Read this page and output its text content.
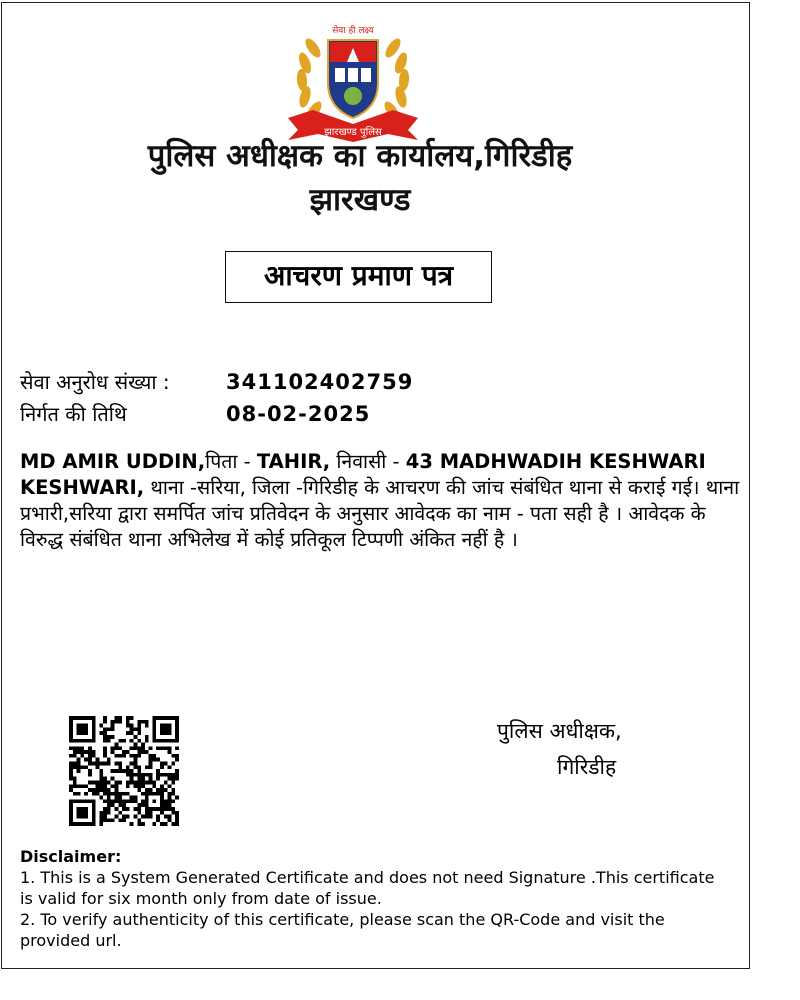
सेवा ही लक्ष्य
झारखण्ड पुलिस
पुलिस अधीक्षक का कार्यालय,गिरिडीह
झारखण्ड
आचरण प्रमाण पत्र
सेवा अनुरोध संख्या :	341102402759
निर्गत की तिथि	08-02-2025
MD AMIR UDDIN,पिता - TAHIR, निवासी - 43 MADHWADIH KESHWARI KESHWARI, थाना -सरिया, जिला -गिरिडीह के आचरण की जांच संबंधित थाना से कराई गई। थाना प्रभारी,सरिया द्वारा समर्पित जांच प्रतिवेदन के अनुसार आवेदक का नाम - पता सही है । आवेदक के विरुद्ध संबंधित थाना अभिलेख में कोई प्रतिकूल टिप्पणी अंकित नहीं है ।
पुलिस अधीक्षक,
गिरिडीह
Disclaimer:
1. This is a System Generated Certificate and does not need Signature .This certificate is valid for six month only from date of issue.
2. To verify authenticity of this certificate, please scan the QR-Code and visit the provided url.
